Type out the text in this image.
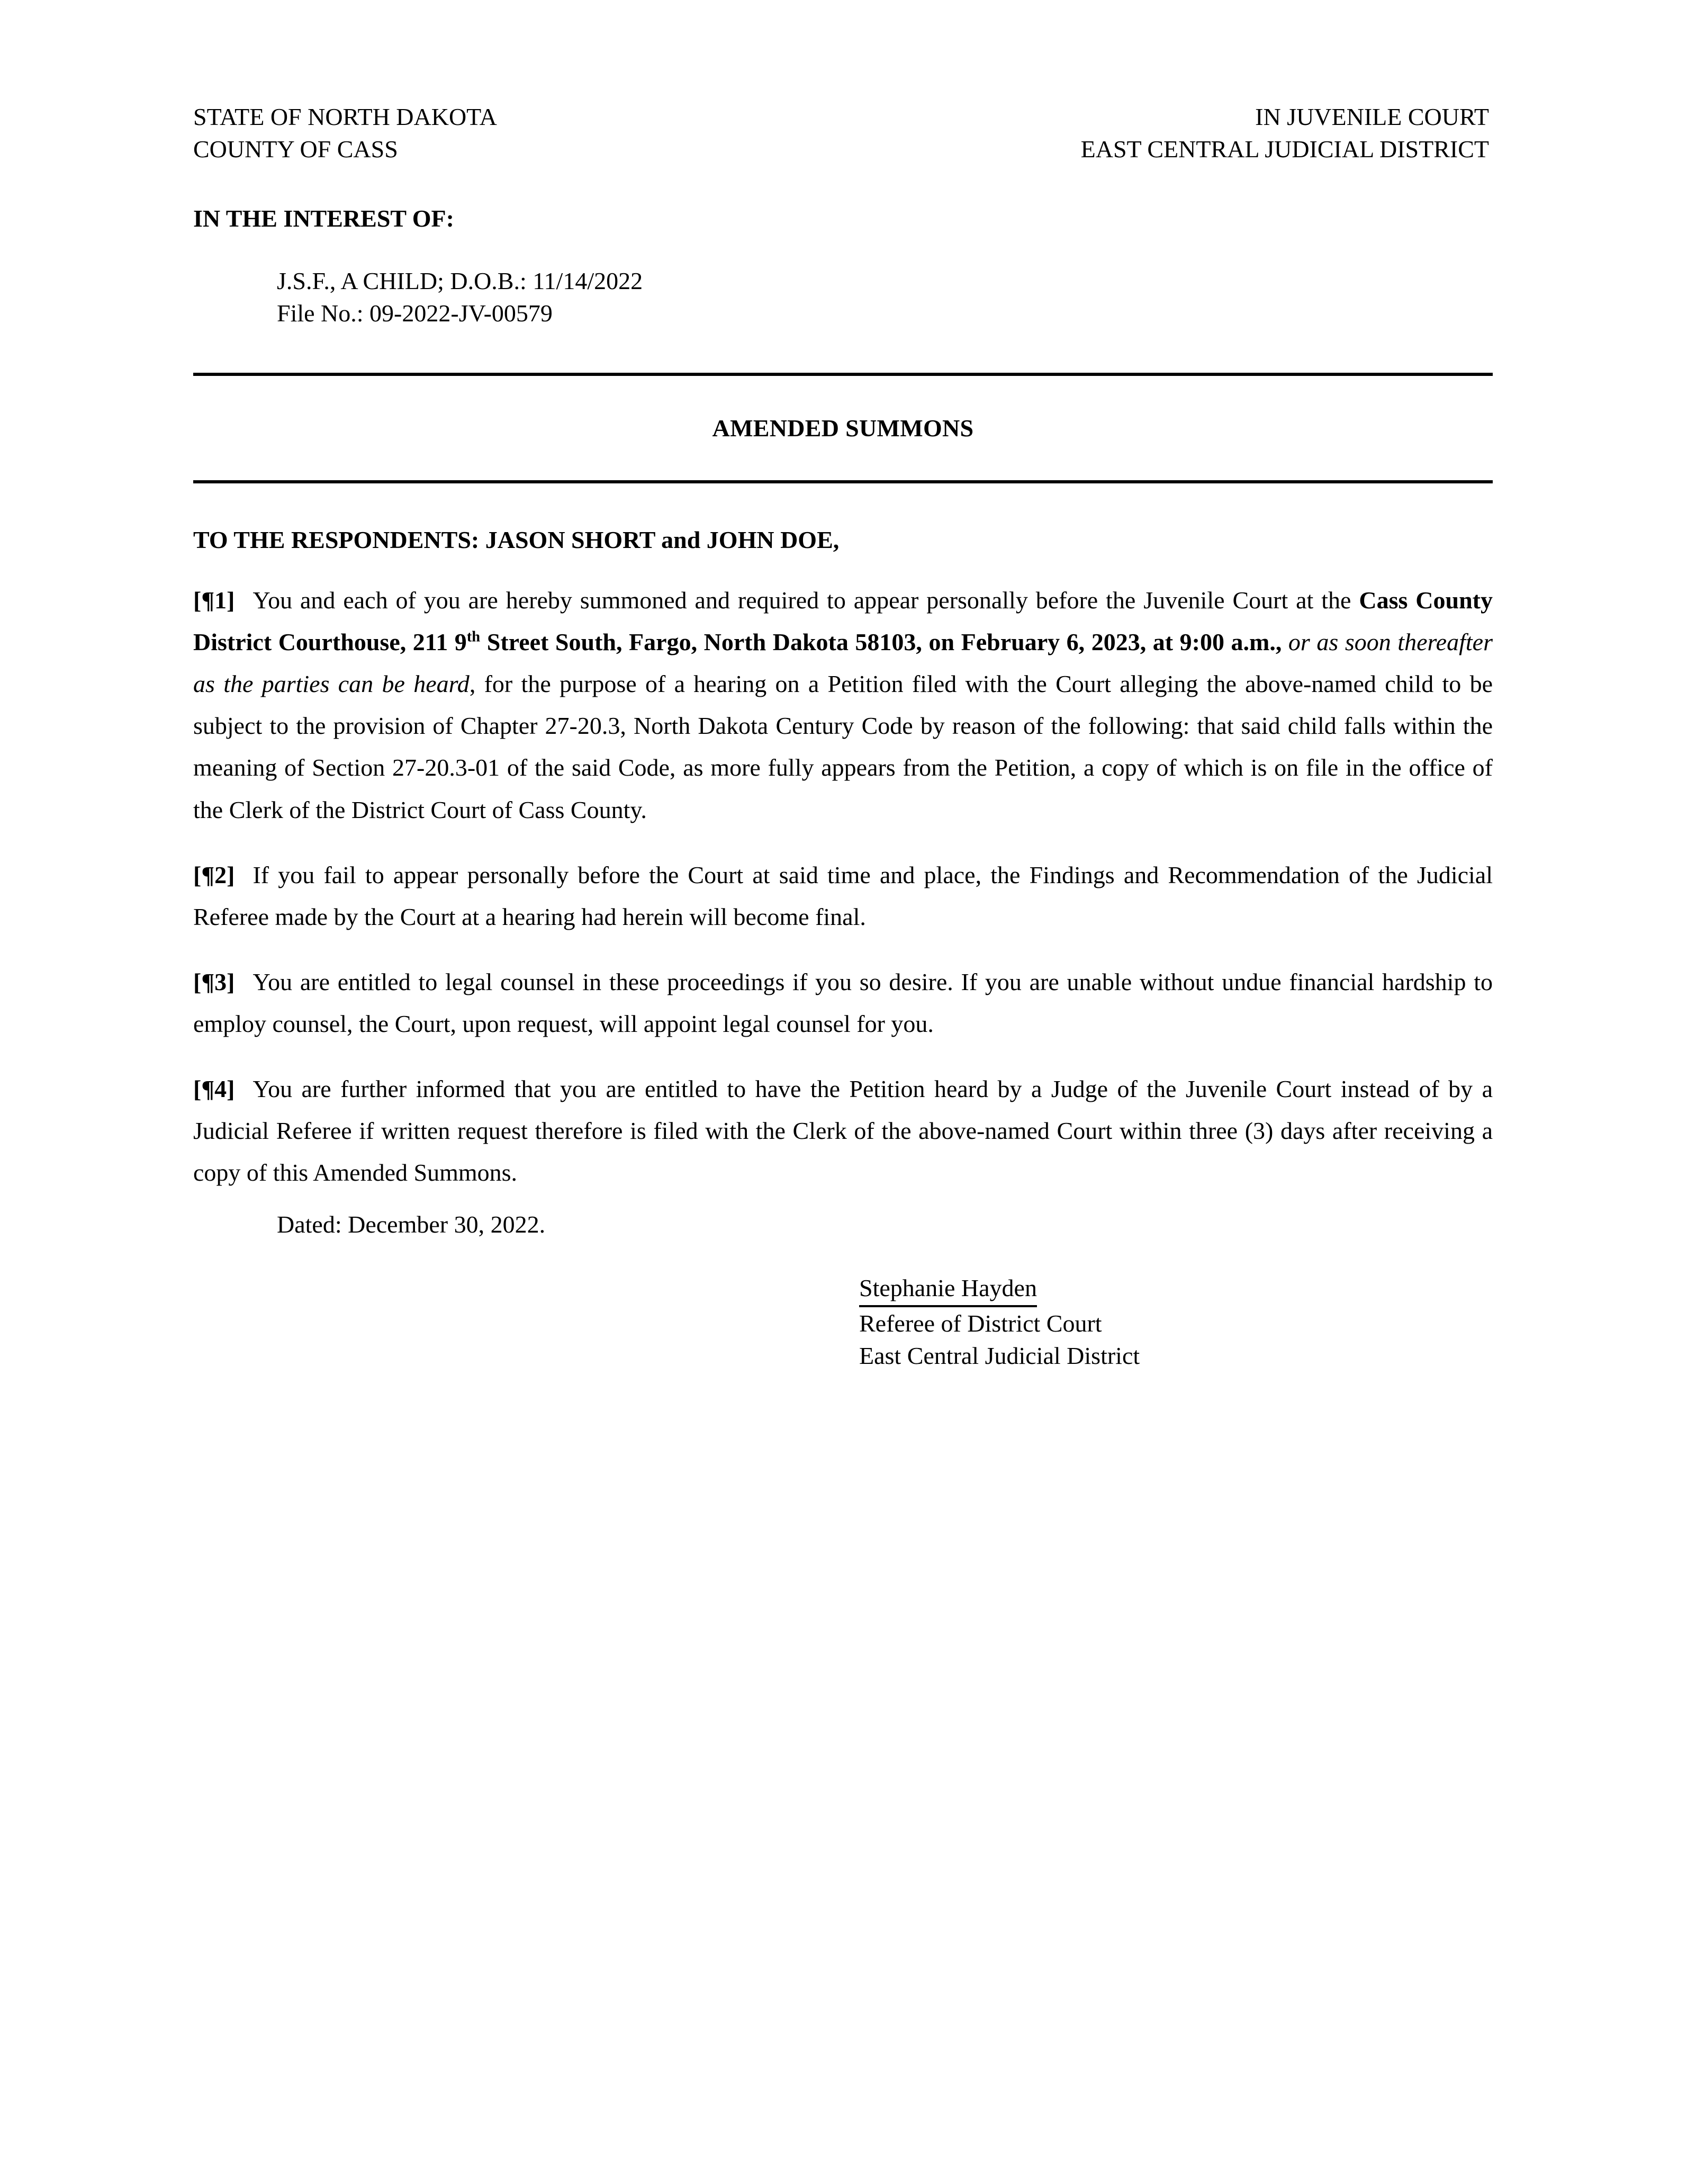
STATE OF NORTH DAKOTA
COUNTY OF CASS
IN JUVENILE COURT
EAST CENTRAL JUDICIAL DISTRICT
IN THE INTEREST OF:
J.S.F., A CHILD; D.O.B.: 11/14/2022
File No.: 09-2022-JV-00579
AMENDED SUMMONS
TO THE RESPONDENTS: JASON SHORT and JOHN DOE,
[¶1] You and each of you are hereby summoned and required to appear personally before the Juvenile Court at the Cass County District Courthouse, 211 9th Street South, Fargo, North Dakota 58103, on February 6, 2023, at 9:00 a.m., or as soon thereafter as the parties can be heard, for the purpose of a hearing on a Petition filed with the Court alleging the above-named child to be subject to the provision of Chapter 27-20.3, North Dakota Century Code by reason of the following: that said child falls within the meaning of Section 27-20.3-01 of the said Code, as more fully appears from the Petition, a copy of which is on file in the office of the Clerk of the District Court of Cass County.
[¶2] If you fail to appear personally before the Court at said time and place, the Findings and Recommendation of the Judicial Referee made by the Court at a hearing had herein will become final.
[¶3] You are entitled to legal counsel in these proceedings if you so desire. If you are unable without undue financial hardship to employ counsel, the Court, upon request, will appoint legal counsel for you.
[¶4] You are further informed that you are entitled to have the Petition heard by a Judge of the Juvenile Court instead of by a Judicial Referee if written request therefore is filed with the Clerk of the above-named Court within three (3) days after receiving a copy of this Amended Summons.
Dated: December 30, 2022.
Stephanie Hayden
Referee of District Court
East Central Judicial District
